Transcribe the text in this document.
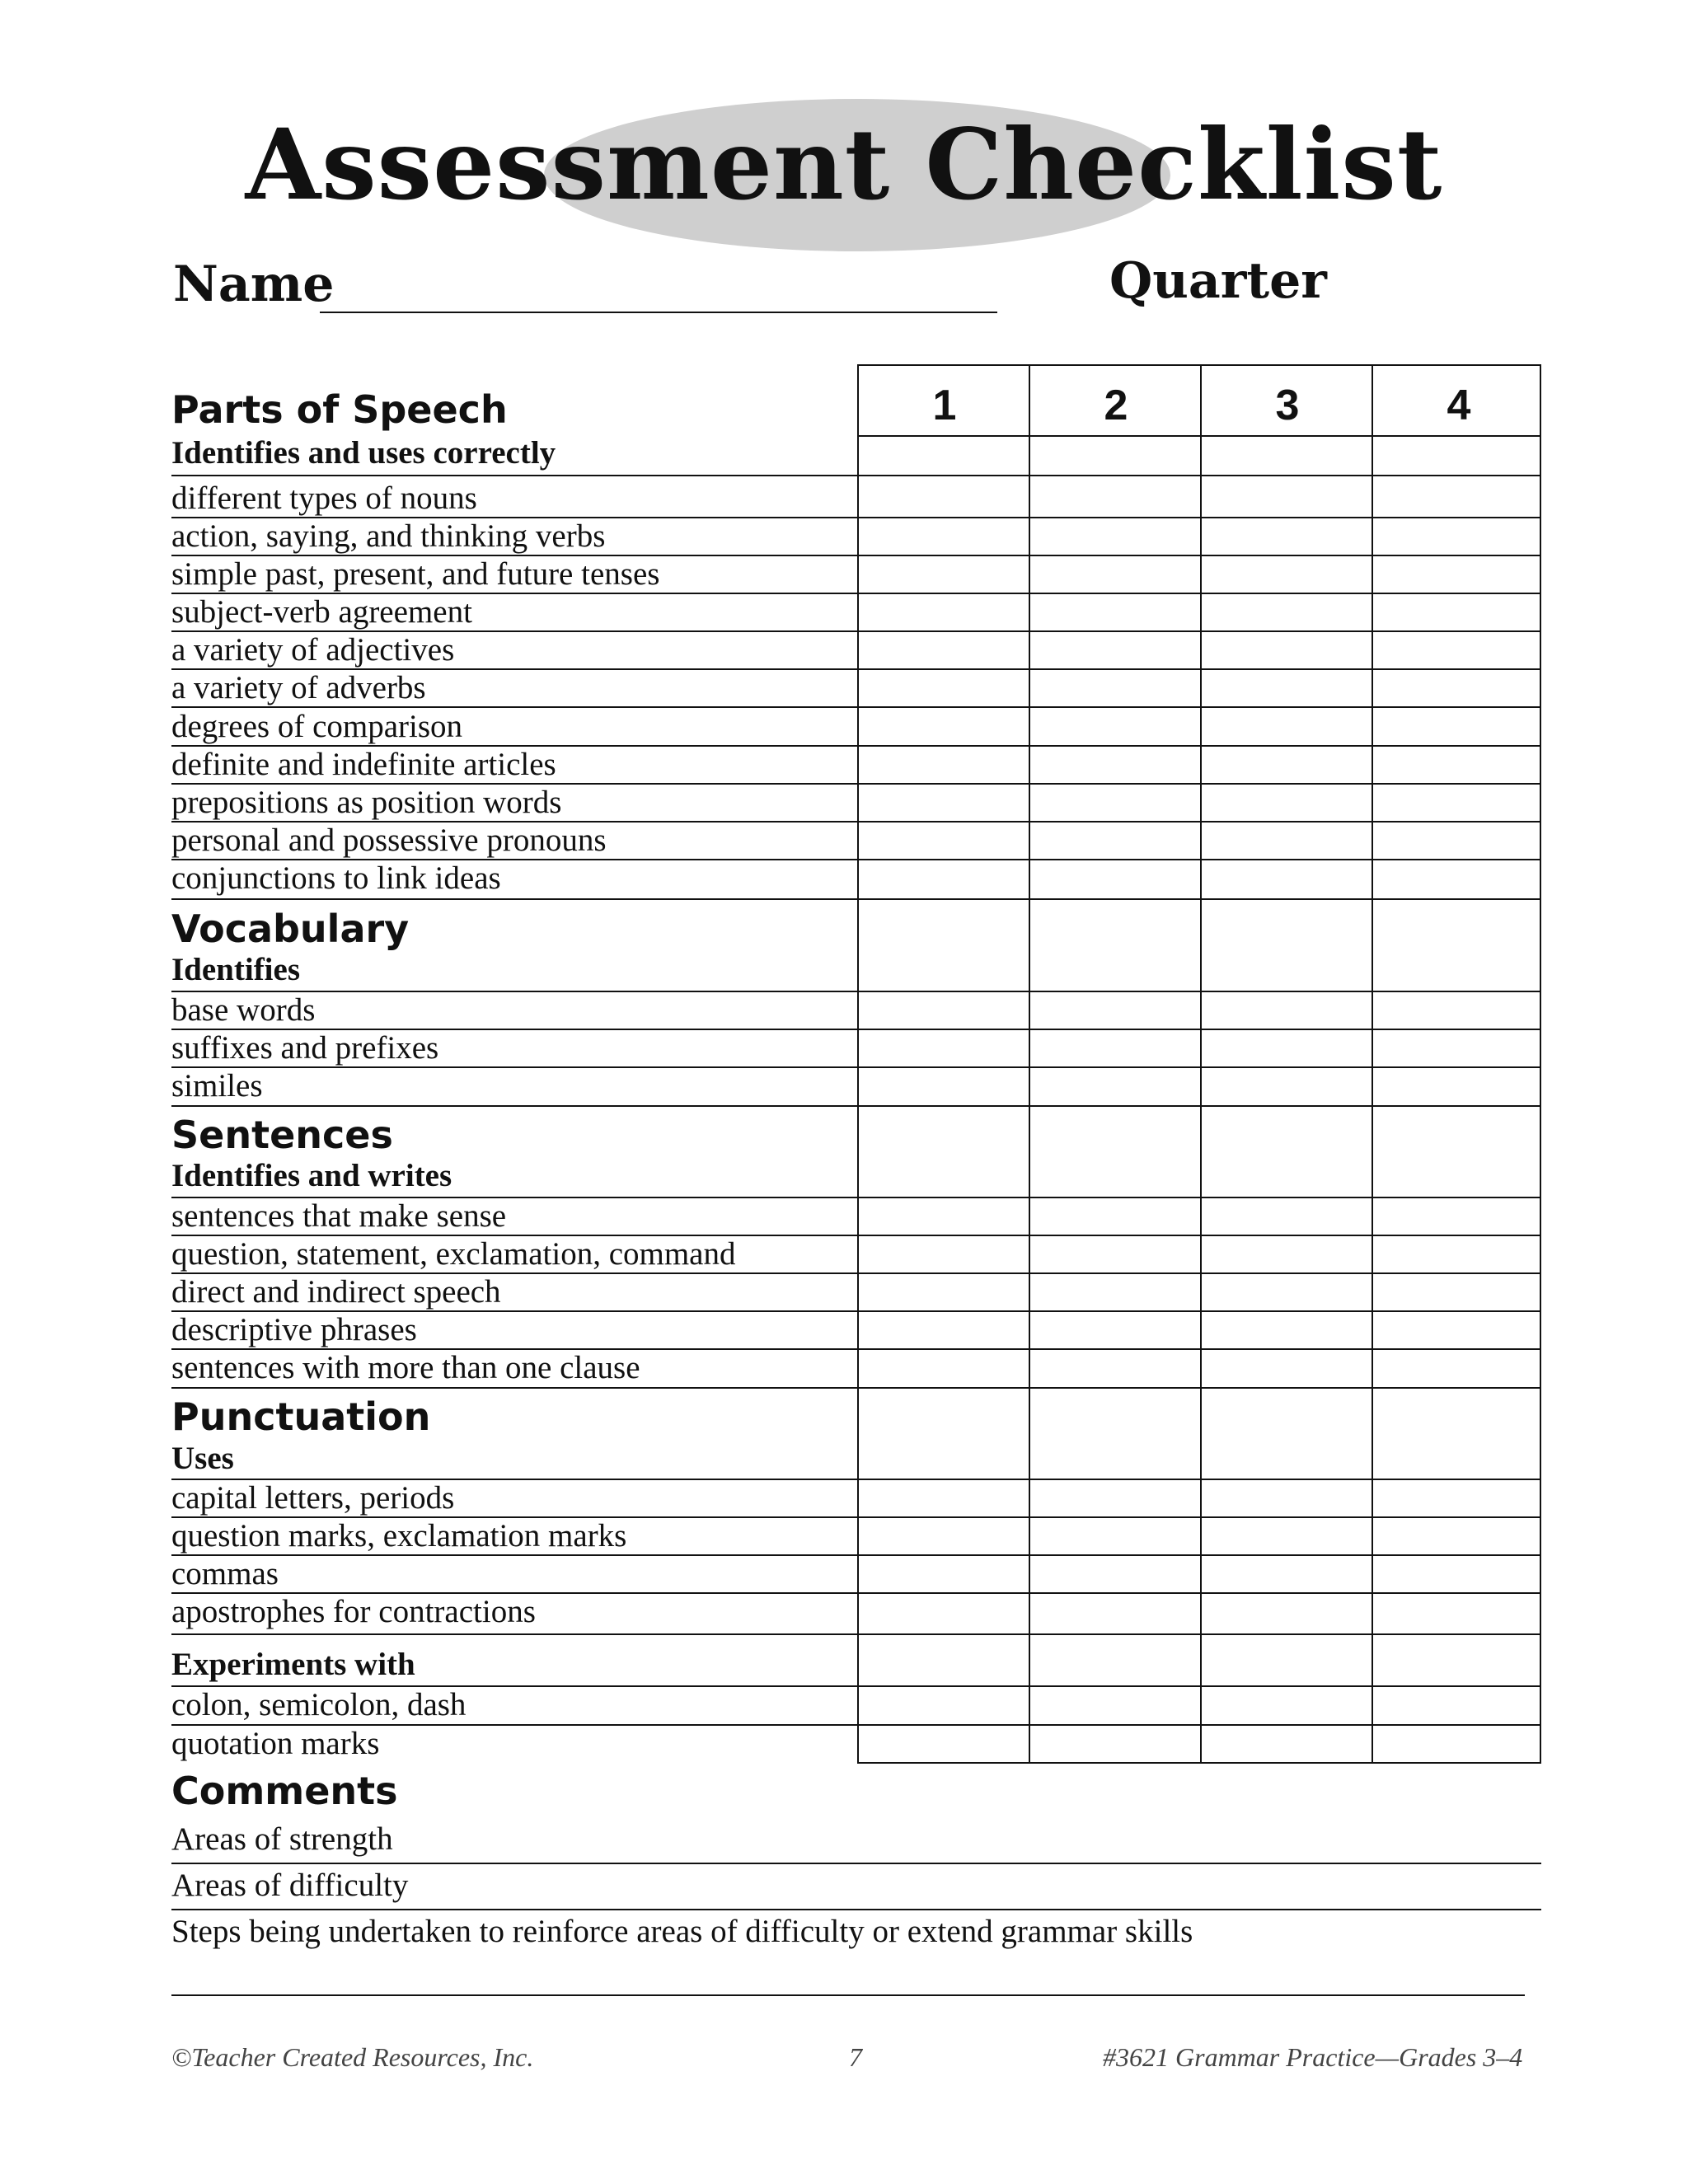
Assessment Checklist
Name	Quarter
1	2	3	4
Parts of Speech
Identifies and uses correctly
different types of nouns
action, saying, and thinking verbs
simple past, present, and future tenses
subject-verb agreement
a variety of adjectives
a variety of adverbs
degrees of comparison
definite and indefinite articles
prepositions as position words
personal and possessive pronouns
conjunctions to link ideas
Vocabulary
Identifies
base words
suffixes and prefixes
similes
Sentences
Identifies and writes
sentences that make sense
question, statement, exclamation, command
direct and indirect speech
descriptive phrases
sentences with more than one clause
Punctuation
Uses
capital letters, periods
question marks, exclamation marks
commas
apostrophes for contractions
Experiments with
colon, semicolon, dash
quotation marks
Comments
Areas of strength
Areas of difficulty
Steps being undertaken to reinforce areas of difficulty or extend grammar skills
©Teacher Created Resources, Inc.	7	#3621 Grammar Practice—Grades 3–4
